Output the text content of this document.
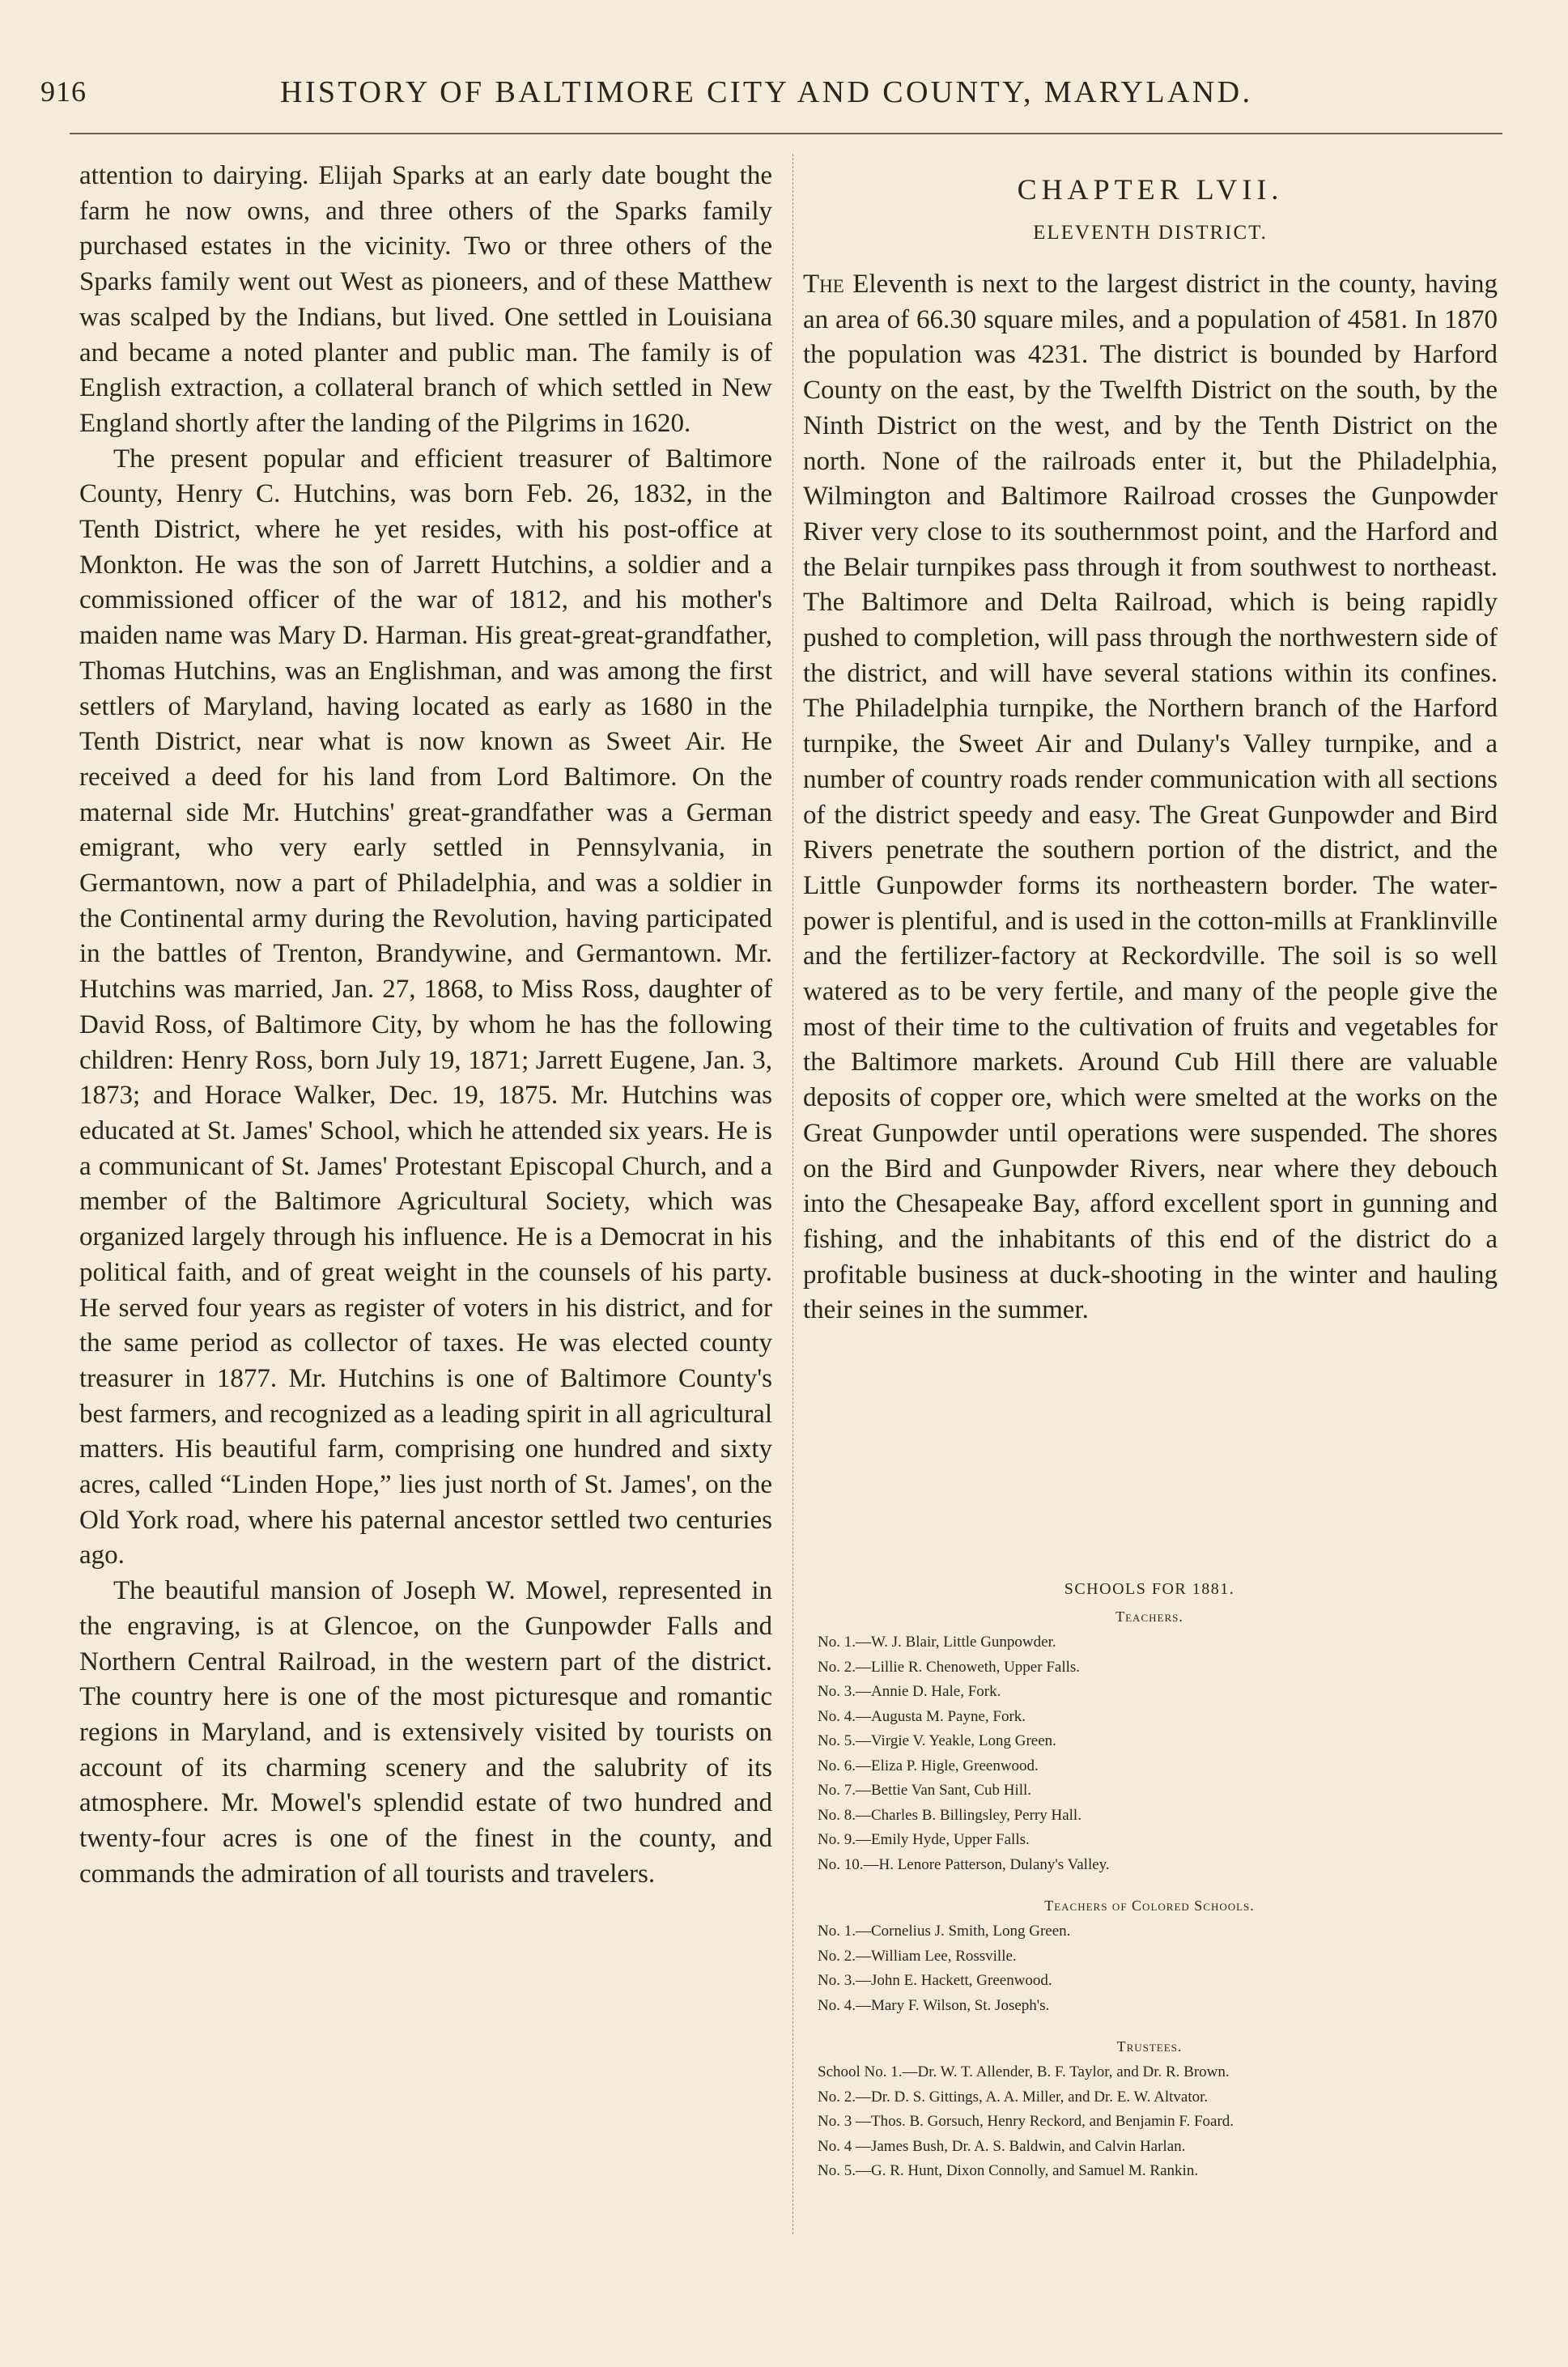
916	HISTORY OF BALTIMORE CITY AND COUNTY, MARYLAND.

attention to dairying. Elijah Sparks at an early date bought the farm he now owns, and three others of the Sparks family purchased estates in the vicinity. Two or three others of the Sparks family went out West as pioneers, and of these Matthew was scalped by the Indians, but lived. One settled in Louisiana and became a noted planter and public man. The family is of English extraction, a collateral branch of which settled in New England shortly after the landing of the Pilgrims in 1620.

The present popular and efficient treasurer of Baltimore County, Henry C. Hutchins, was born Feb. 26, 1832, in the Tenth District, where he yet resides, with his post-office at Monkton. He was the son of Jarrett Hutchins, a soldier and a commissioned officer of the war of 1812, and his mother's maiden name was Mary D. Harman. His great-great-grandfather, Thomas Hutchins, was an Englishman, and was among the first settlers of Maryland, having located as early as 1680 in the Tenth District, near what is now known as Sweet Air. He received a deed for his land from Lord Baltimore. On the maternal side Mr. Hutchins' great-grandfather was a German emigrant, who very early settled in Pennsylvania, in Germantown, now a part of Philadelphia, and was a soldier in the Continental army during the Revolution, having participated in the battles of Trenton, Brandywine, and Germantown. Mr. Hutchins was married, Jan. 27, 1868, to Miss Ross, daughter of David Ross, of Baltimore City, by whom he has the following children: Henry Ross, born July 19, 1871; Jarrett Eugene, Jan. 3, 1873; and Horace Walker, Dec. 19, 1875. Mr. Hutchins was educated at St. James' School, which he attended six years. He is a communicant of St. James' Protestant Episcopal Church, and a member of the Baltimore Agricultural Society, which was organized largely through his influence. He is a Democrat in his political faith, and of great weight in the counsels of his party. He served four years as register of voters in his district, and for the same period as collector of taxes. He was elected county treasurer in 1877. Mr. Hutchins is one of Baltimore County's best farmers, and recognized as a leading spirit in all agricultural matters. His beautiful farm, comprising one hundred and sixty acres, called “Linden Hope,” lies just north of St. James', on the Old York road, where his paternal ancestor settled two centuries ago.

The beautiful mansion of Joseph W. Mowel, represented in the engraving, is at Glencoe, on the Gunpowder Falls and Northern Central Railroad, in the western part of the district. The country here is one of the most picturesque and romantic regions in Maryland, and is extensively visited by tourists on account of its charming scenery and the salubrity of its atmosphere. Mr. Mowel's splendid estate of two hundred and twenty-four acres is one of the finest in the county, and commands the admiration of all tourists and travelers.

CHAPTER LVII.
ELEVENTH DISTRICT.

The Eleventh is next to the largest district in the county, having an area of 66.30 square miles, and a population of 4581. In 1870 the population was 4231. The district is bounded by Harford County on the east, by the Twelfth District on the south, by the Ninth District on the west, and by the Tenth District on the north. None of the railroads enter it, but the Philadelphia, Wilmington and Baltimore Railroad crosses the Gunpowder River very close to its southernmost point, and the Harford and the Belair turnpikes pass through it from southwest to northeast. The Baltimore and Delta Railroad, which is being rapidly pushed to completion, will pass through the northwestern side of the district, and will have several stations within its confines. The Philadelphia turnpike, the Northern branch of the Harford turnpike, the Sweet Air and Dulany's Valley turnpike, and a number of country roads render communication with all sections of the district speedy and easy. The Great Gunpowder and Bird Rivers penetrate the southern portion of the district, and the Little Gunpowder forms its northeastern border. The water-power is plentiful, and is used in the cotton-mills at Franklinville and the fertilizer-factory at Reckordville. The soil is so well watered as to be very fertile, and many of the people give the most of their time to the cultivation of fruits and vegetables for the Baltimore markets. Around Cub Hill there are valuable deposits of copper ore, which were smelted at the works on the Great Gunpowder until operations were suspended. The shores on the Bird and Gunpowder Rivers, near where they debouch into the Chesapeake Bay, afford excellent sport in gunning and fishing, and the inhabitants of this end of the district do a profitable business at duck-shooting in the winter and hauling their seines in the summer.

SCHOOLS FOR 1881.
Teachers.
No. 1.—W. J. Blair, Little Gunpowder.
No. 2.—Lillie R. Chenoweth, Upper Falls.
No. 3.—Annie D. Hale, Fork.
No. 4.—Augusta M. Payne, Fork.
No. 5.—Virgie V. Yeakle, Long Green.
No. 6.—Eliza P. Higle, Greenwood.
No. 7.—Bettie Van Sant, Cub Hill.
No. 8.—Charles B. Billingsley, Perry Hall.
No. 9.—Emily Hyde, Upper Falls.
No. 10.—H. Lenore Patterson, Dulany's Valley.
Teachers of Colored Schools.
No. 1.—Cornelius J. Smith, Long Green.
No. 2.—William Lee, Rossville.
No. 3.—John E. Hackett, Greenwood.
No. 4.—Mary F. Wilson, St. Joseph's.
Trustees.
School No. 1.—Dr. W. T. Allender, B. F. Taylor, and Dr. R. Brown.
No. 2.—Dr. D. S. Gittings, A. A. Miller, and Dr. E. W. Altvator.
No. 3 —Thos. B. Gorsuch, Henry Reckord, and Benjamin F. Foard.
No. 4 —James Bush, Dr. A. S. Baldwin, and Calvin Harlan.
No. 5.—G. R. Hunt, Dixon Connolly, and Samuel M. Rankin.
